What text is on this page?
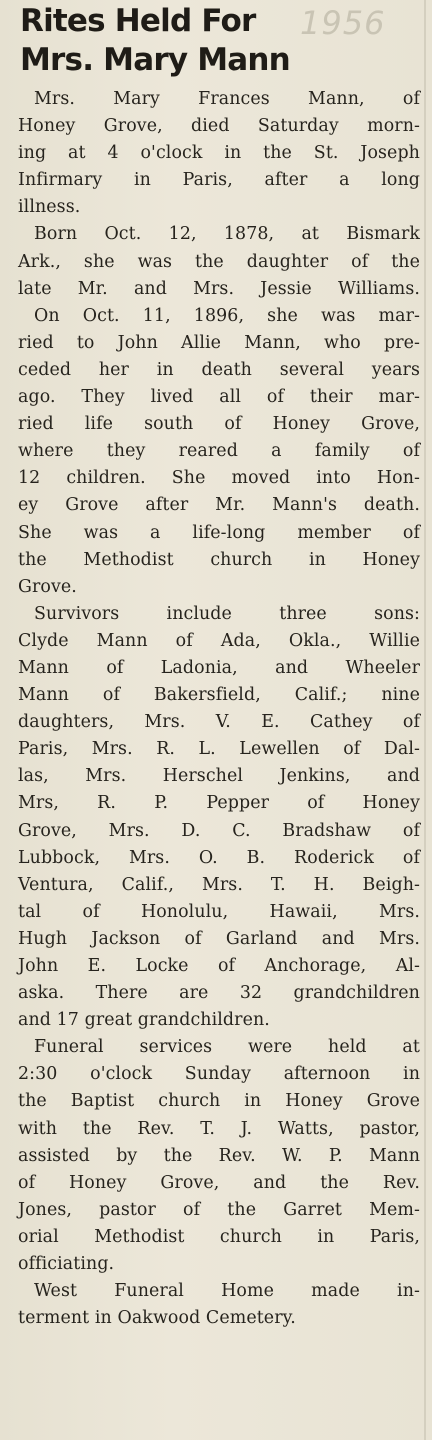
1956
Rites Held For
Mrs. Mary Mann
Mrs. Mary Frances Mann, of
Honey Grove, died Saturday morn-
ing at 4 o'clock in the St. Joseph
Infirmary in Paris, after a long
illness.
Born Oct. 12, 1878, at Bismark
Ark., she was the daughter of the
late Mr. and Mrs. Jessie Williams.
On Oct. 11, 1896, she was mar-
ried to John Allie Mann, who pre-
ceded her in death several years
ago. They lived all of their mar-
ried life south of Honey Grove,
where they reared a family of
12 children. She moved into Hon-
ey Grove after Mr. Mann's death.
She was a life-long member of
the Methodist church in Honey
Grove.
Survivors include three sons:
Clyde Mann of Ada, Okla., Willie
Mann of Ladonia, and Wheeler
Mann of Bakersfield, Calif.; nine
daughters, Mrs. V. E. Cathey of
Paris, Mrs. R. L. Lewellen of Dal-
las, Mrs. Herschel Jenkins, and
Mrs, R. P. Pepper of Honey
Grove, Mrs. D. C. Bradshaw of
Lubbock, Mrs. O. B. Roderick of
Ventura, Calif., Mrs. T. H. Beigh-
tal of Honolulu, Hawaii, Mrs.
Hugh Jackson of Garland and Mrs.
John E. Locke of Anchorage, Al-
aska. There are 32 grandchildren
and 17 great grandchildren.
Funeral services were held at
2:30 o'clock Sunday afternoon in
the Baptist church in Honey Grove
with the Rev. T. J. Watts, pastor,
assisted by the Rev. W. P. Mann
of Honey Grove, and the Rev.
Jones, pastor of the Garret Mem-
orial Methodist church in Paris,
officiating.
West Funeral Home made in-
terment in Oakwood Cemetery.
